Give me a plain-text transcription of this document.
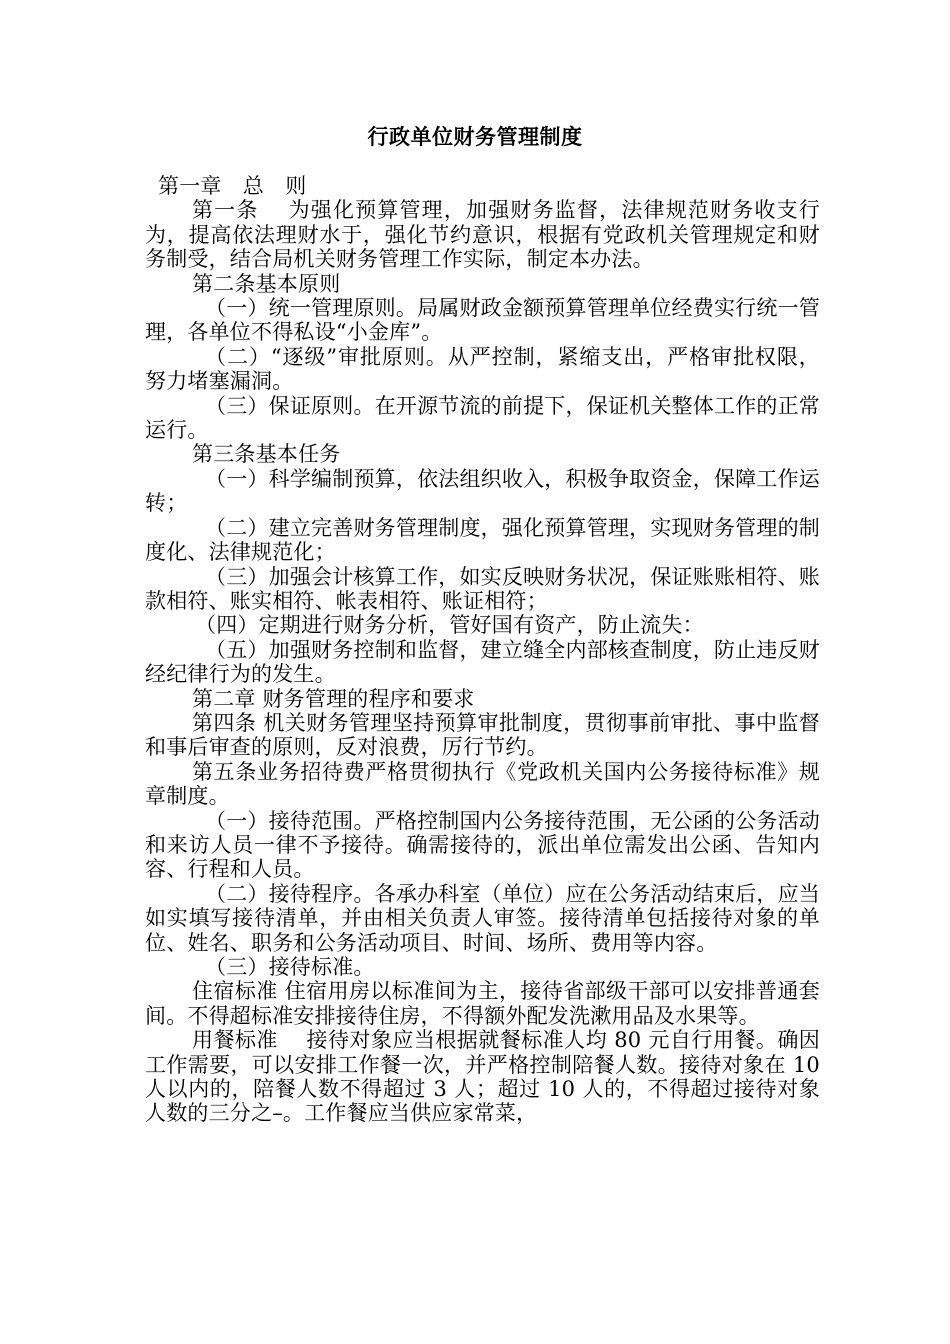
行政单位财务管理制度

第一章　总　则

第一条　 为强化预算管理，加强财务监督，法律规范财务收支行为，提高依法理财水于，强化节约意识，根据有党政机关管理规定和财务制受，结合局机关财务管理工作实际，制定本办法。

第二条基本原则

（一）统一管理原则。局属财政金额预算管理单位经费实行统一管理，各单位不得私设“小金库”。

（二）“逐级”审批原则。从严控制，紧缩支出，严格审批权限，努力堵塞漏洞。

（三）保证原则。在开源节流的前提下，保证机关整体工作的正常运行。

第三条基本任务

（一）科学编制预算，依法组织收入，积极争取资金，保障工作运转；

（二）建立完善财务管理制度，强化预算管理，实现财务管理的制度化、法律规范化；

（三）加强会计核算工作，如实反映财务状况，保证账账相符、账款相符、账实相符、帐表相符、账证相符；

（四）定期进行财务分析，管好国有资产，防止流失：

（五）加强财务控制和监督，建立缝全内部核查制度，防止违反财经纪律行为的发生。

第二章 财务管理的程序和要求

第四条 机关财务管理坚持预算审批制度，贯彻事前审批、事中监督和事后审查的原则，反对浪费，厉行节约。

第五条业务招待费严格贯彻执行《党政机关国内公务接待标准》规章制度。

（一）接待范围。严格控制国内公务接待范围，无公函的公务活动和来访人员一律不予接待。确需接待的，派出单位需发出公函、告知内容、行程和人员。

（二）接待程序。各承办科室（单位）应在公务活动结束后，应当如实填写接待清单，并由相关负责人审签。接待清单包括接待对象的单位、姓名、职务和公务活动项目、时间、场所、费用等内容。

（三）接待标准。

住宿标准 住宿用房以标准间为主，接待省部级干部可以安排普通套间。不得超标准安排接待住房，不得额外配发洗漱用品及水果等。

用餐标准　 接待对象应当根据就餐标准人均 80 元自行用餐。确因工作需要，可以安排工作餐一次，并严格控制陪餐人数。接待对象在 10 人以内的，陪餐人数不得超过 3 人；超过 10 人的，不得超过接待对象人数的三分之–。工作餐应当供应家常菜，
